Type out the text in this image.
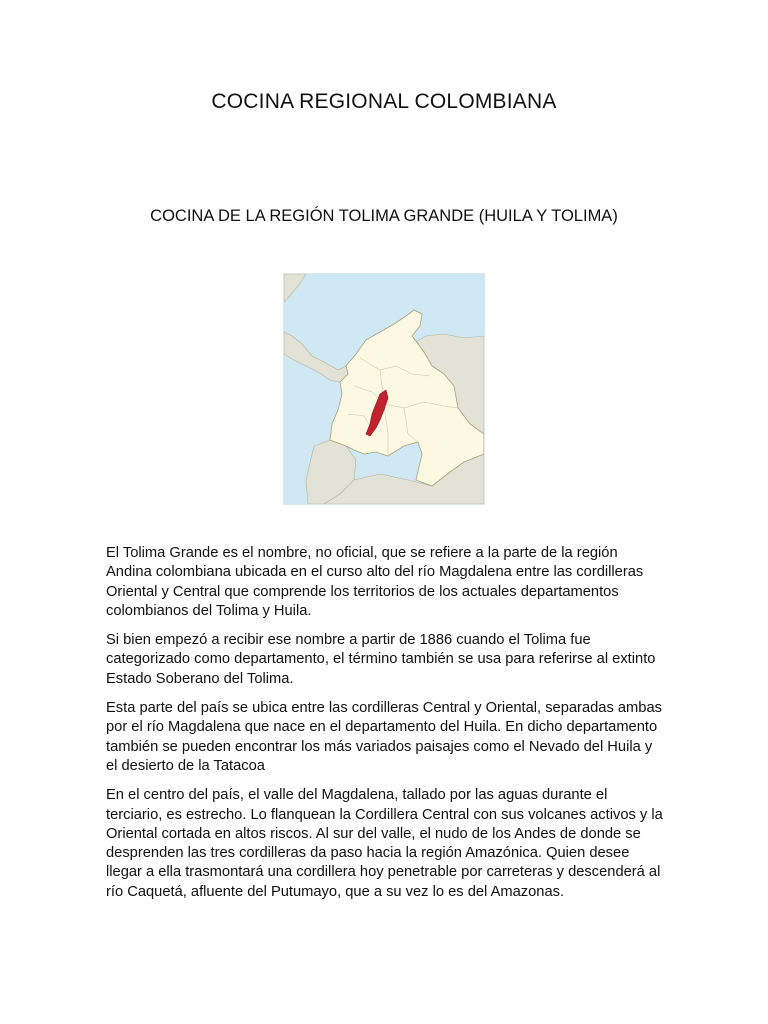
COCINA REGIONAL COLOMBIANA
COCINA DE LA REGIÓN TOLIMA GRANDE (HUILA Y TOLIMA)

El Tolima Grande es el nombre, no oficial, que se refiere a la parte de la región Andina colombiana ubicada en el curso alto del río Magdalena entre las cordilleras Oriental y Central que comprende los territorios de los actuales departamentos colombianos del Tolima y Huila.

Si bien empezó a recibir ese nombre a partir de 1886 cuando el Tolima fue categorizado como departamento, el término también se usa para referirse al extinto Estado Soberano del Tolima.

Esta parte del país se ubica entre las cordilleras Central y Oriental, separadas ambas por el río Magdalena que nace en el departamento del Huila. En dicho departamento también se pueden encontrar los más variados paisajes como el Nevado del Huila y el desierto de la Tatacoa

En el centro del país, el valle del Magdalena, tallado por las aguas durante el terciario, es estrecho. Lo flanquean la Cordillera Central con sus volcanes activos y la Oriental cortada en altos riscos. Al sur del valle, el nudo de los Andes de donde se desprenden las tres cordilleras da paso hacia la región Amazónica. Quien desee llegar a ella trasmontará una cordillera hoy penetrable por carreteras y descenderá al río Caquetá, afluente del Putumayo, que a su vez lo es del Amazonas.
